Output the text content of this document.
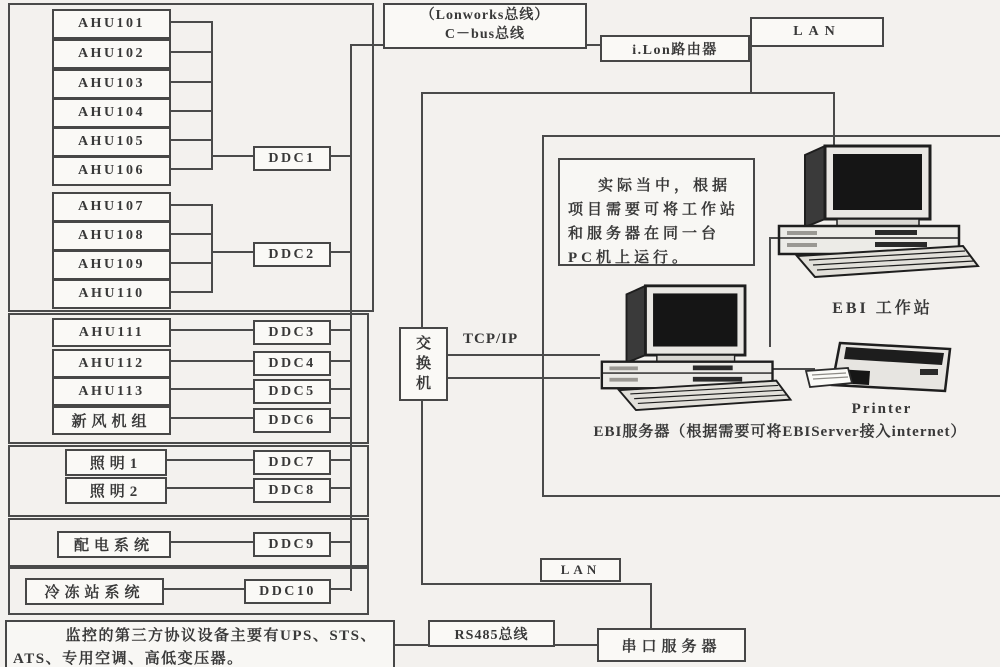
AHU101
AHU102
AHU103
AHU104
AHU105
AHU106
AHU107
AHU108
AHU109
AHU110
AHU111
AHU112
AHU113
新风机组
照明1
照明2
配电系统
冷冻站系统
DDC1
DDC2
DDC3
DDC4
DDC5
DDC6
DDC7
DDC8
DDC9
DDC10
（Lonworks总线）
C－bus总线
i.Lon路由器
LAN
交
换
机
TCP/IP
LAN
RS485总线
串口服务器
实际当中，根据项目需要可将工作站和服务器在同一台PC机上运行。
EBI 工作站
Printer
EBI服务器（根据需要可将EBIServer接入internet）
监控的第三方协议设备主要有UPS、STS、ATS、专用空调、高低变压器。
